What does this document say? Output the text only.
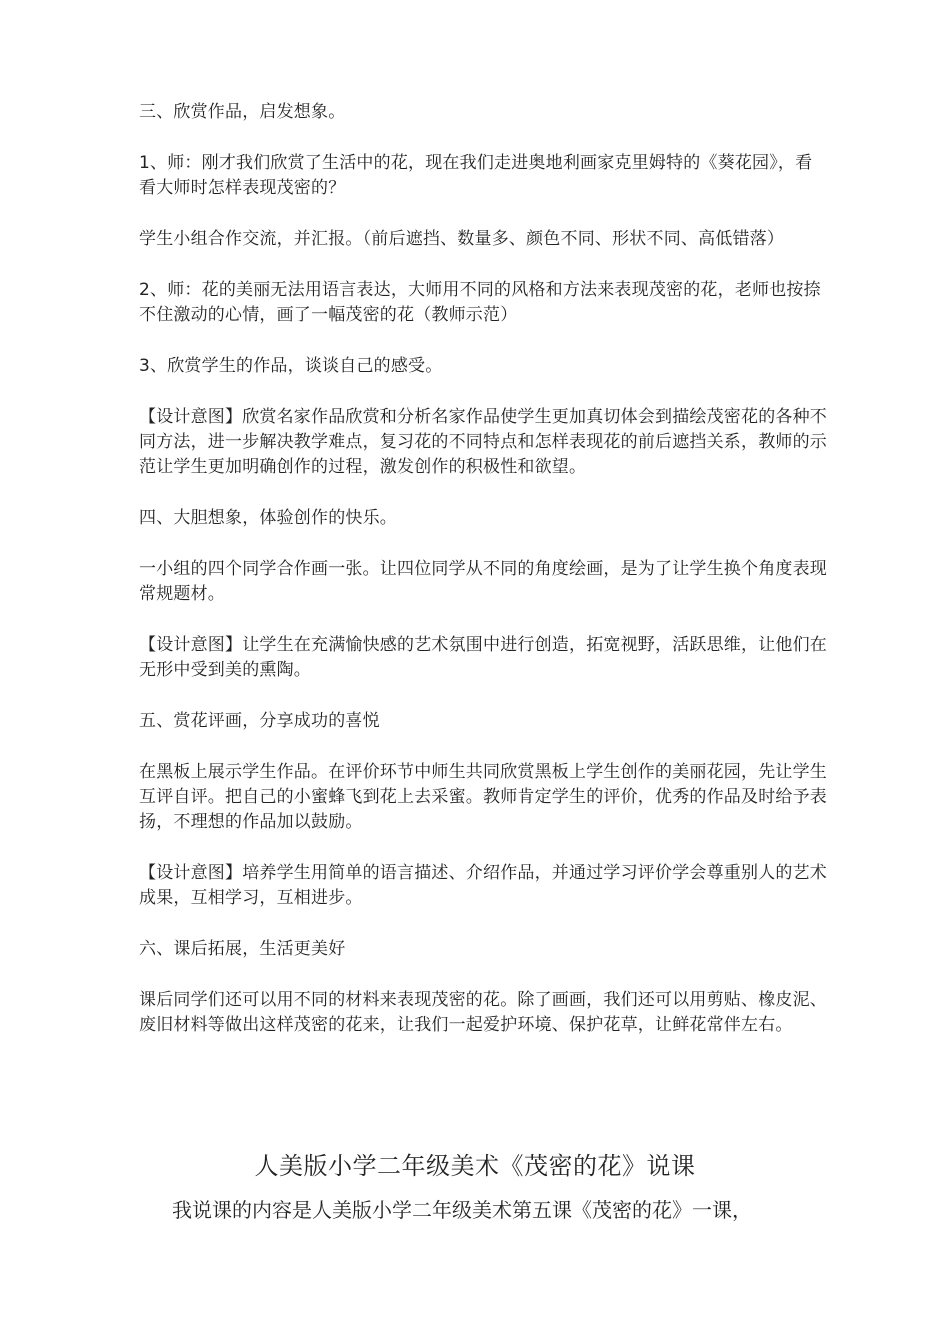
三、欣赏作品，启发想象。

1、师：刚才我们欣赏了生活中的花，现在我们走进奥地利画家克里姆特的《葵花园》，看看大师时怎样表现茂密的？

学生小组合作交流，并汇报。（前后遮挡、数量多、颜色不同、形状不同、高低错落）

2、师：花的美丽无法用语言表达，大师用不同的风格和方法来表现茂密的花，老师也按捺不住激动的心情，画了一幅茂密的花（教师示范）

3、欣赏学生的作品，谈谈自己的感受。

【设计意图】欣赏名家作品欣赏和分析名家作品使学生更加真切体会到描绘茂密花的各种不同方法，进一步解决教学难点，复习花的不同特点和怎样表现花的前后遮挡关系，教师的示范让学生更加明确创作的过程，激发创作的积极性和欲望。

四、大胆想象，体验创作的快乐。

一小组的四个同学合作画一张。让四位同学从不同的角度绘画，是为了让学生换个角度表现常规题材。

【设计意图】让学生在充满愉快感的艺术氛围中进行创造，拓宽视野，活跃思维，让他们在无形中受到美的熏陶。

五、赏花评画，分享成功的喜悦

在黑板上展示学生作品。在评价环节中师生共同欣赏黑板上学生创作的美丽花园，先让学生互评自评。把自己的小蜜蜂飞到花上去采蜜。教师肯定学生的评价，优秀的作品及时给予表扬，不理想的作品加以鼓励。

【设计意图】培养学生用简单的语言描述、介绍作品，并通过学习评价学会尊重别人的艺术成果，互相学习，互相进步。

六、课后拓展，生活更美好

课后同学们还可以用不同的材料来表现茂密的花。除了画画，我们还可以用剪贴、橡皮泥、废旧材料等做出这样茂密的花来，让我们一起爱护环境、保护花草，让鲜花常伴左右。

人美版小学二年级美术《茂密的花》说课
我说课的内容是人美版小学二年级美术第五课《茂密的花》一课，
